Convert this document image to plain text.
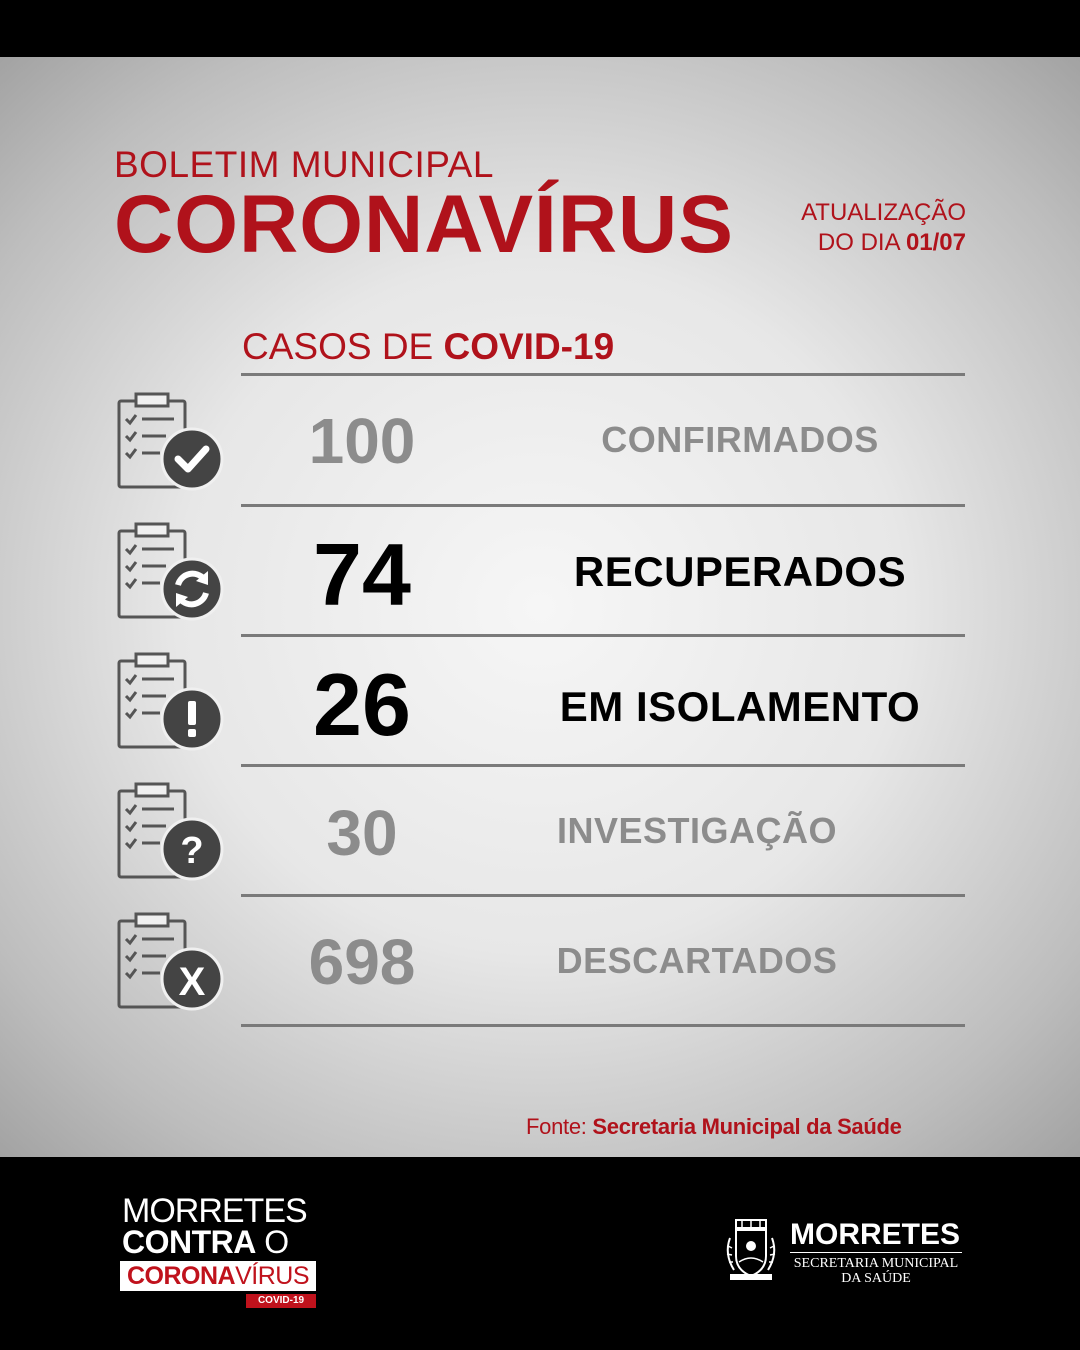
BOLETIM MUNICIPAL
CORONAVÍRUS	ATUALIZAÇÃO
DO DIA 01/07
CASOS DE COVID-19
100	CONFIRMADOS
74	RECUPERADOS
26	EM ISOLAMENTO
?	30	INVESTIGAÇÃO
X	698	DESCARTADOS
Fonte: Secretaria Municipal da Saúde
MORRETES
CONTRA O
CORONAVÍRUS
COVID-19
MORRETES
SECRETARIA MUNICIPAL
DA SAÚDE
